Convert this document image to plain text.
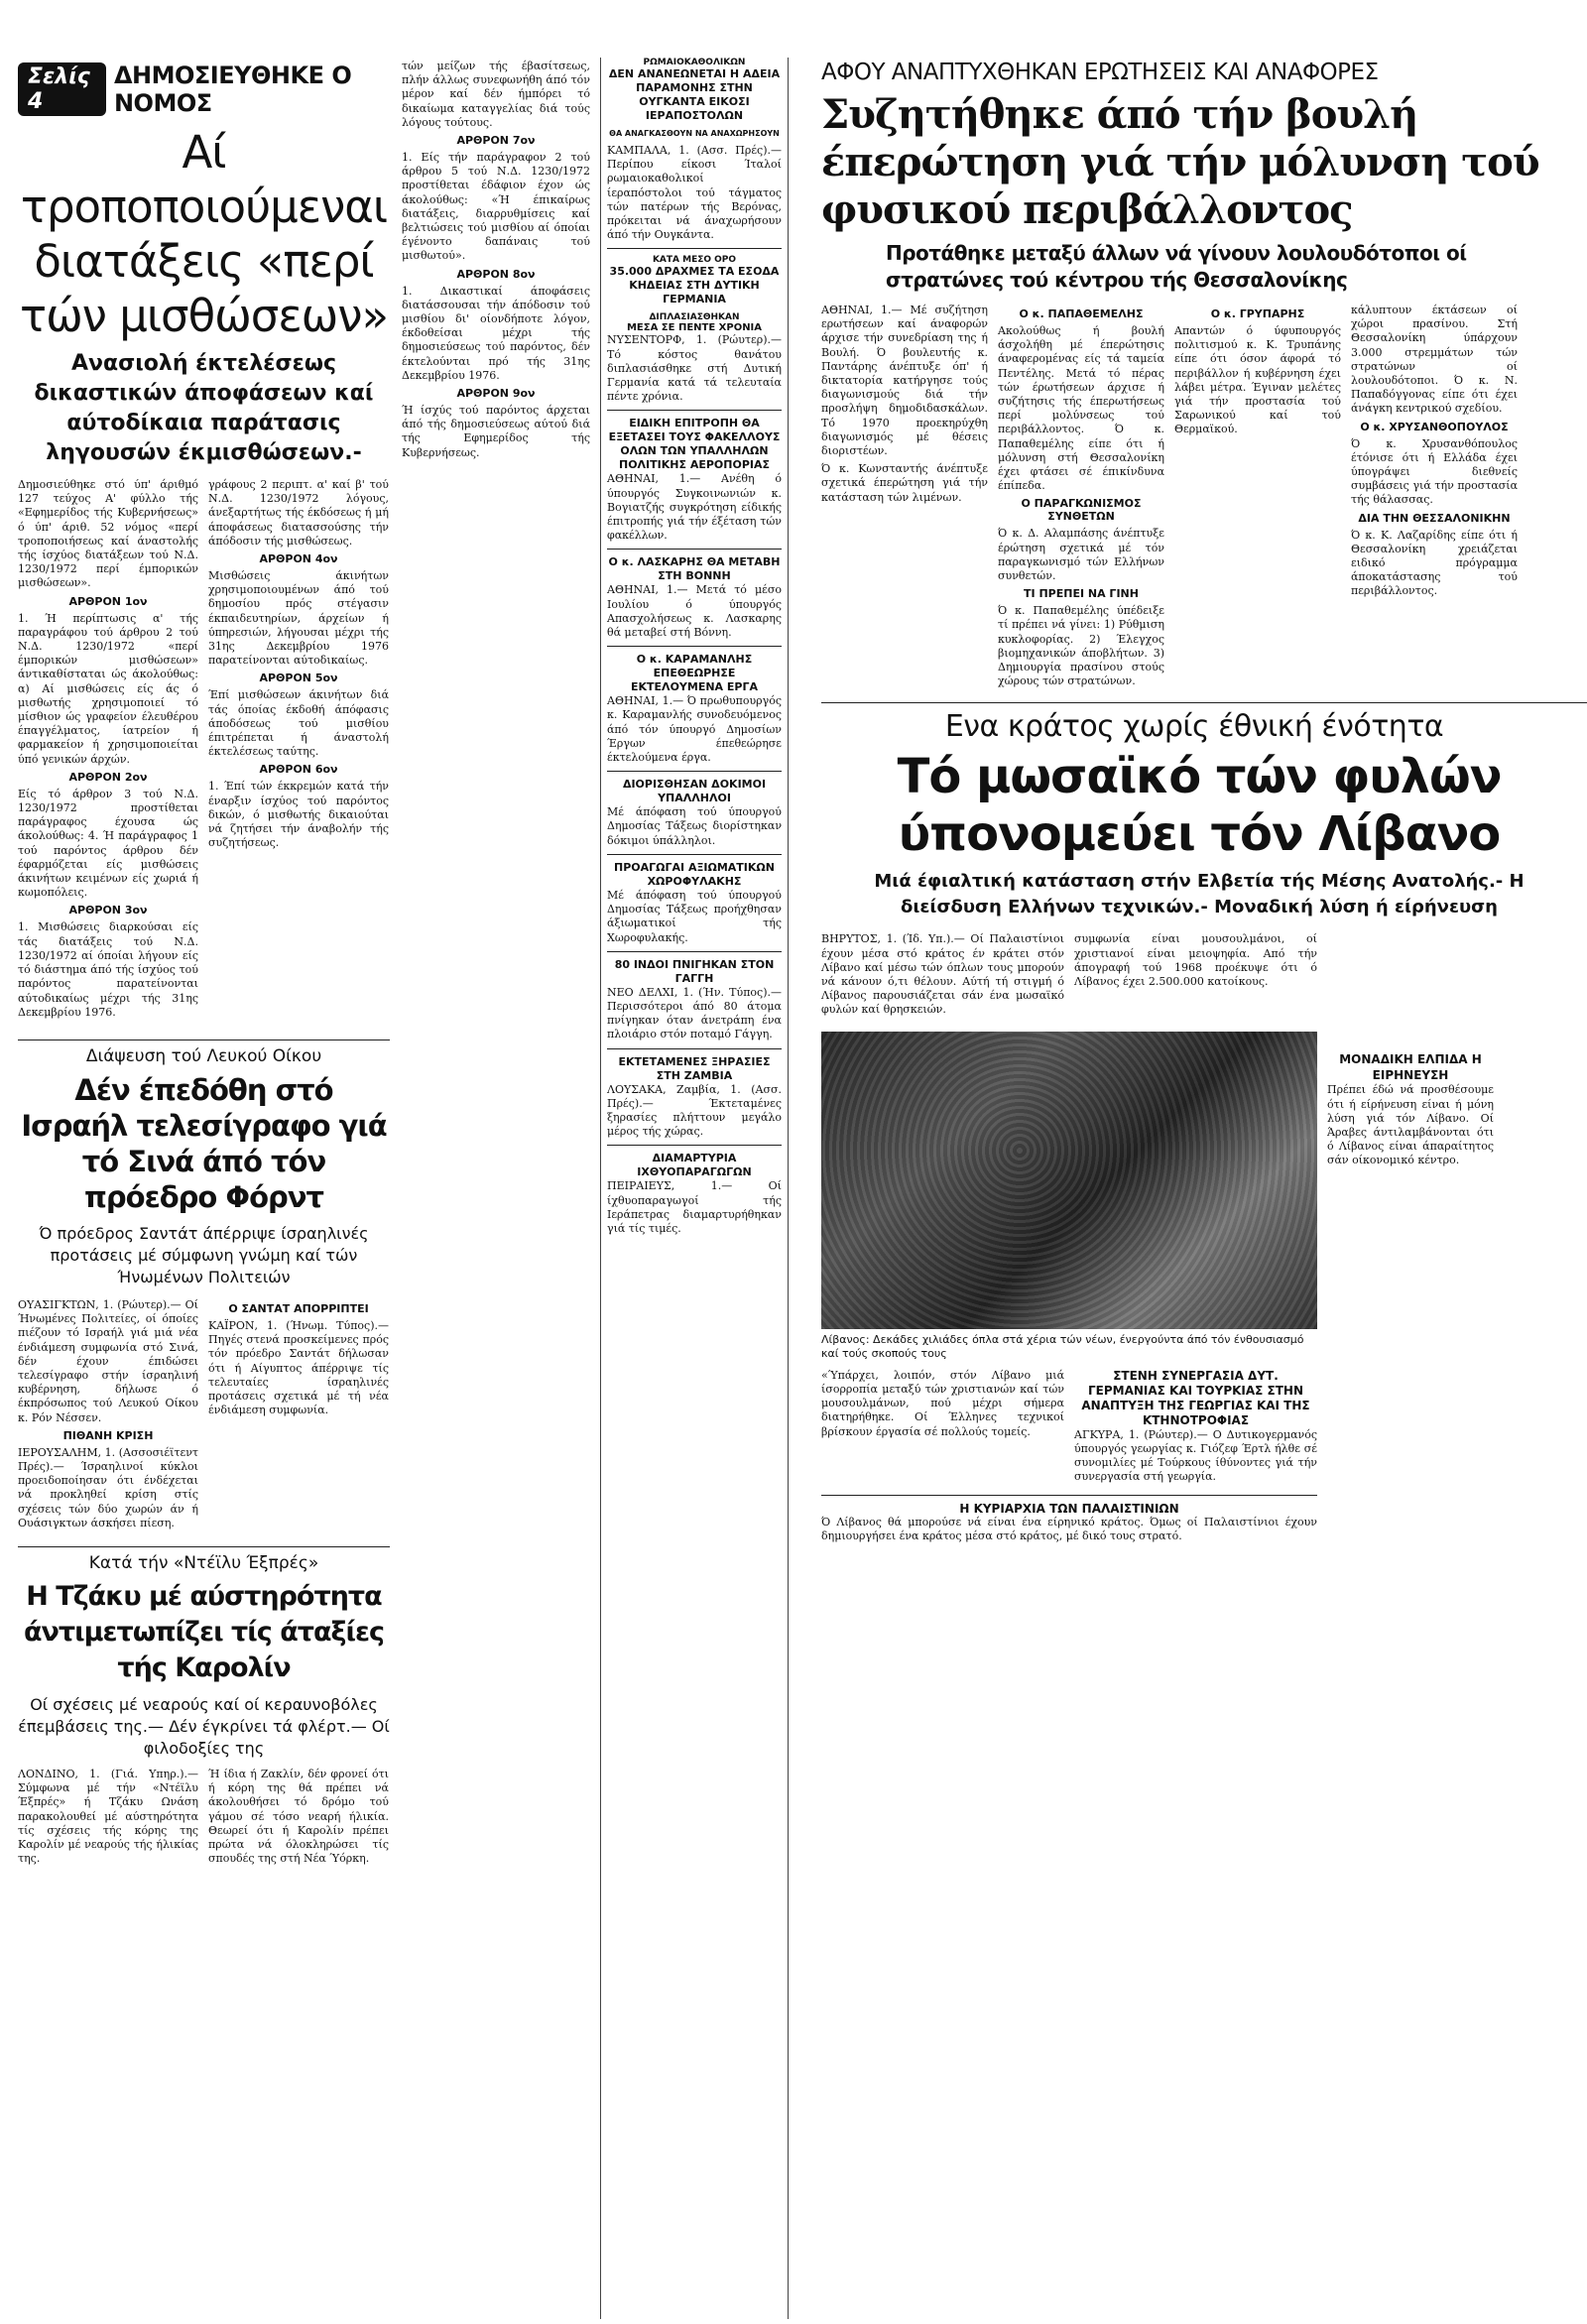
Σελίς 4
ΔΗΜΟΣΙΕΥΘΗΚΕ Ο ΝΟΜΟΣ
Αί τροποποιούμεναι διατάξεις «περί τών μισθώσεων»

Ανασιολή έκτελέσεως δικαστικών άποφάσεων καί αύτοδίκαια παράτασις ληγουσών έκμισθώσεων.-

Δημοσιεύθηκε στό ύπ' άριθμό 127 τεύχος Α' φύλλο τής «Εφημερίδος τής Κυβερνήσεως» ό ύπ' άριθ. 52 νόμος «περί τροποποιήσεως καί άναστολής τής ίσχύος διατάξεων τού Ν.Δ. 1230/1972 περί έμπορικών μισθώσεων».

ΑΡΘΡΟΝ 1ον

1. Ή περίπτωσις α' τής παραγράφου τού άρθρου 2 τού Ν.Δ. 1230/1972 «περί έμπορικών μισθώσεων» άντικαθίσταται ώς άκολούθως: α) Αί μισθώσεις είς άς ό μισθωτής χρησιμοποιεί τό μίσθιον ώς γραφείον έλευθέρου έπαγγέλματος, ίατρείον ή φαρμακείον ή χρησιμοποιείται ύπό γενικών άρχών.

ΑΡΘΡΟΝ 2ον

Είς τό άρθρον 3 τού Ν.Δ. 1230/1972 προστίθεται παράγραφος έχουσα ώς άκολούθως: 4. Ή παράγραφος 1 τού παρόντος άρθρου δέν έφαρμόζεται είς μισθώσεις άκινήτων κειμένων είς χωριά ή κωμοπόλεις.

ΑΡΘΡΟΝ 3ον

1. Μισθώσεις διαρκούσαι είς τάς διατάξεις τού Ν.Δ. 1230/1972 αί όποίαι λήγουν είς τό διάστημα άπό τής ίσχύος τού παρόντος παρατείνονται αύτοδικαίως μέχρι τής 31ης Δεκεμβρίου 1976.

γράφους 2 περιπτ. α' καί β' τού Ν.Δ. 1230/1972 λόγους, άνεξαρτήτως τής έκδόσεως ή μή άποφάσεως διατασσούσης τήν άπόδοσιν τής μισθώσεως.

ΑΡΘΡΟΝ 4ον

Μισθώσεις άκινήτων χρησιμοποιουμένων άπό τού δημοσίου πρός στέγασιν έκπαιδευτηρίων, άρχείων ή ύπηρεσιών, λήγουσαι μέχρι τής 31ης Δεκεμβρίου 1976 παρατείνονται αύτοδικαίως.

ΑΡΘΡΟΝ 5ον

Έπί μισθώσεων άκινήτων διά τάς όποίας έκδοθή άπόφασις άποδόσεως τού μισθίου έπιτρέπεται ή άναστολή έκτελέσεως ταύτης.

ΑΡΘΡΟΝ 6ον

1. Έπί τών έκκρεμών κατά τήν έναρξιν ίσχύος τού παρόντος δικών, ό μισθωτής δικαιούται νά ζητήσει τήν άναβολήν τής συζητήσεως.

Διάψευση τού Λευκού Οίκου

Δέν έπεδόθη στό Ισραήλ τελεσίγραφο γιά τό Σινά άπό τόν πρόεδρο Φόρντ

Ό πρόεδρος Σαντάτ άπέρριψε ίσραηλινές προτάσεις μέ σύμφωνη γνώμη καί τών Ήνωμένων Πολιτειών

ΟΥΑΣΙΓΚΤΩΝ, 1. (Ρώυτερ).— Οί Ήνωμένες Πολιτείες, οί όποίες πιέζουν τό Ισραήλ γιά μιά νέα ένδιάμεση συμφωνία στό Σινά, δέν έχουν έπιδώσει τελεσίγραφο στήν ίσραηλινή κυβέρνηση, δήλωσε ό έκπρόσωπος τού Λευκού Οίκου κ. Ρόν Νέσσεν.

ΠΙΘΑΝΗ ΚΡΙΣΗ

ΙΕΡΟΥΣΑΛΗΜ, 1. (Ασσοσιέϊτεντ Πρές).— Ίσραηλινοί κύκλοι προειδοποίησαν ότι ένδέχεται νά προκληθεί κρίση στίς σχέσεις τών δύο χωρών άν ή Ουάσιγκτων άσκήσει πίεση.

Ο ΣΑΝΤΑΤ ΑΠΟΡΡΙΠΤΕΙ

ΚΑΪΡΟΝ, 1. (Ήνωμ. Τύπος).— Πηγές στενά προσκείμενες πρός τόν πρόεδρο Σαντάτ δήλωσαν ότι ή Αίγυπτος άπέρριψε τίς τελευταίες ίσραηλινές προτάσεις σχετικά μέ τή νέα ένδιάμεση συμφωνία.

Κατά τήν «Ντέϊλυ Έξπρές»

Η Τζάκυ μέ αύστηρότητα άντιμετωπίζει τίς άταξίες τής Καρολίν

Οί σχέσεις μέ νεαρούς καί οί κεραυνοβόλες έπεμβάσεις της.— Δέν έγκρίνει τά φλέρτ.— Οί φιλοδοξίες της

ΛΟΝΔΙΝΟ, 1. (Γιά. Υπηρ.).— Σύμφωνα μέ τήν «Ντέϊλυ Έξπρές» ή Τζάκυ Ωνάση παρακολουθεί μέ αύστηρότητα τίς σχέσεις τής κόρης της Καρολίν μέ νεαρούς τής ήλικίας της.

Ή ίδια ή Ζακλίν, δέν φρονεί ότι ή κόρη της θά πρέπει νά άκολουθήσει τό δρόμο τού γάμου σέ τόσο νεαρή ήλικία. Θεωρεί ότι ή Καρολίν πρέπει πρώτα νά όλοκληρώσει τίς σπουδές της στή Νέα Ύόρκη.

τών μείζων τής έβασίτσεως, πλήν άλλως συνεφωνήθη άπό τόν μέρον καί δέν ήμπόρει τό δικαίωμα καταγγελίας διά τούς λόγους τούτους.

ΑΡΘΡΟΝ 7ον

1. Είς τήν παράγραφον 2 τού άρθρου 5 τού Ν.Δ. 1230/1972 προστίθεται έδάφιον έχον ώς άκολούθως: «Ή έπικαίρως διατάξεις, διαρρυθμίσεις καί βελτιώσεις τού μισθίου αί όποίαι έγένοντο δαπάναις τού μισθωτού».

ΑΡΘΡΟΝ 8ον

1. Δικαστικαί άποφάσεις διατάσσουσαι τήν άπόδοσιν τού μισθίου δι' οίονδήποτε λόγον, έκδοθείσαι μέχρι τής δημοσιεύσεως τού παρόντος, δέν έκτελούνται πρό τής 31ης Δεκεμβρίου 1976.

ΑΡΘΡΟΝ 9ον

Ή ίσχύς τού παρόντος άρχεται άπό τής δημοσιεύσεως αύτού διά τής Εφημερίδος τής Κυβερνήσεως.

ΡΩΜΑΙΟΚΑΘΟΛΙΚΩΝ

ΔΕΝ ΑΝΑΝΕΩΝΕΤΑΙ Η ΑΔΕΙΑ ΠΑΡΑΜΟΝΗΣ ΣΤΗΝ ΟΥΓΚΑΝΤΑ ΕΙΚΟΣΙ ΙΕΡΑΠΟΣΤΟΛΩΝ

ΘΑ ΑΝΑΓΚΑΣΘΟΥΝ ΝΑ ΑΝΑΧΩΡΗΣΟΥΝ

ΚΑΜΠΑΛΑ, 1. (Ασσ. Πρές).— Περίπου είκοσι Ίταλοί ρωμαιοκαθολικοί ίεραπόστολοι τού τάγματος τών πατέρων τής Βερόνας, πρόκειται νά άναχωρήσουν άπό τήν Ουγκάντα.

ΚΑΤΑ ΜΕΣΟ ΟΡΟ

35.000 ΔΡΑΧΜΕΣ ΤΑ ΕΣΟΔΑ ΚΗΔΕΙΑΣ ΣΤΗ ΔΥΤΙΚΗ ΓΕΡΜΑΝΙΑ

ΔΙΠΛΑΣΙΑΣΘΗΚΑΝ

ΜΕΣΑ ΣΕ ΠΕΝΤΕ ΧΡΟΝΙΑ

ΝΥΣΕΝΤΟΡΦ, 1. (Ρώυτερ).— Τό κόστος θανάτου διπλασιάσθηκε στή Δυτική Γερμανία κατά τά τελευταία πέντε χρόνια.

ΕΙΔΙΚΗ ΕΠΙΤΡΟΠΗ ΘΑ ΕΞΕΤΑΣΕΙ ΤΟΥΣ ΦΑΚΕΛΛΟΥΣ ΟΛΩΝ ΤΩΝ ΥΠΑΛΛΗΛΩΝ ΠΟΛΙΤΙΚΗΣ ΑΕΡΟΠΟΡΙΑΣ

ΑΘΗΝΑΙ, 1.— Ανέθη ό ύπουργός Συγκοινωνιών κ. Βογιατζής συγκρότηση είδικής έπιτροπής γιά τήν έξέταση τών φακέλλων.

Ο κ. ΛΑΣΚΑΡΗΣ ΘΑ ΜΕΤΑΒΗ ΣΤΗ ΒΟΝΝΗ

ΑΘΗΝΑΙ, 1.— Μετά τό μέσο Ιουλίου ό ύπουργός Απασχολήσεως κ. Λασκαρης θά μεταβεί στή Βόννη.

Ο κ. ΚΑΡΑΜΑΝΛΗΣ ΕΠΕΘΕΩΡΗΣΕ ΕΚΤΕΛΟΥΜΕΝΑ ΕΡΓΑ

ΑΘΗΝΑΙ, 1.— Ό πρωθυπουργός κ. Καραμανλής συνοδευόμενος άπό τόν ύπουργό Δημοσίων Έργων έπεθεώρησε έκτελούμενα έργα.

ΔΙΟΡΙΣΘΗΣΑΝ ΔΟΚΙΜΟΙ ΥΠΑΛΛΗΛΟΙ

Μέ άπόφαση τού ύπουργού Δημοσίας Τάξεως διορίστηκαν δόκιμοι ύπάλληλοι.

ΠΡΟΑΓΩΓΑΙ ΑΞΙΩΜΑΤΙΚΩΝ ΧΩΡΟΦΥΛΑΚΗΣ

Μέ άπόφαση τού ύπουργού Δημοσίας Τάξεως προήχθησαν άξιωματικοί τής Χωροφυλακής.

80 ΙΝΔΟΙ ΠΝΙΓΗΚΑΝ ΣΤΟΝ ΓΑΓΓΗ

ΝΕΟ ΔΕΛΧΙ, 1. (Ήν. Τύπος).— Περισσότεροι άπό 80 άτομα πνίγηκαν όταν άνετράπη ένα πλοιάριο στόν ποταμό Γάγγη.

ΕΚΤΕΤΑΜΕΝΕΣ ΞΗΡΑΣΙΕΣ ΣΤΗ ΖΑΜΒΙΑ

ΛΟΥΣΑΚΑ, Ζαμβία, 1. (Ασσ. Πρές).— Έκτεταμένες ξηρασίες πλήττουν μεγάλο μέρος τής χώρας.

ΔΙΑΜΑΡΤΥΡΙΑ ΙΧΘΥΟΠΑΡΑΓΩΓΩΝ

ΠΕΙΡΑΙΕΥΣ, 1.— Οί ίχθυοπαραγωγοί τής Ιεράπετρας διαμαρτυρήθηκαν γιά τίς τιμές.

ΑΦΟΥ ΑΝΑΠΤΥΧΘΗΚΑΝ ΕΡΩΤΗΣΕΙΣ ΚΑΙ ΑΝΑΦΟΡΕΣ

Συζητήθηκε άπό τήν βουλή έπερώτηση γιά τήν μόλυνση τού φυσικού περιβάλλοντος

Προτάθηκε μεταξύ άλλων νά γίνουν λουλουδότοποι οί στρατώνες τού κέντρου τής Θεσσαλονίκης

ΑΘΗΝΑΙ, 1.— Μέ συζήτηση ερωτήσεων καί άναφορών άρχισε τήν συνεδρίαση της ή Βουλή. Ό βουλευτής κ. Παντάρης άνέπτυξε όπ' ή δικτατορία κατήργησε τούς διαγωνισμούς διά τήν προσλήψη δημοδιδασκάλων. Τό 1970 προεκηρύχθη διαγωνισμός μέ θέσεις διοριστέων.

Ό κ. Κωνσταντής άνέπτυξε σχετικά έπερώτηση γιά τήν κατάσταση τών λιμένων.

Ο κ. ΠΑΠΑΘΕΜΕΛΗΣ

Ακολούθως ή βουλή άσχολήθη μέ έπερώτησις άναφερομένας είς τά ταμεία Πεντέλης. Μετά τό πέρας τών έρωτήσεων άρχισε ή συζήτησις τής έπερωτήσεως περί μολύνσεως τού περιβάλλοντος. Ό κ. Παπαθεμέλης είπε ότι ή μόλυνση στή Θεσσαλονίκη έχει φτάσει σέ έπικίνδυνα έπίπεδα.

Ο ΠΑΡΑΓΚΩΝΙΣΜΟΣ ΣΥΝΘΕΤΩΝ

Ό κ. Δ. Αλαμπάσης άνέπτυξε έρώτηση σχετικά μέ τόν παραγκωνισμό τών Ελλήνων συνθετών.

ΤΙ ΠΡΕΠΕΙ ΝΑ ΓΙΝΗ

Ό κ. Παπαθεμέλης ύπέδειξε τί πρέπει νά γίνει: 1) Ρύθμιση κυκλοφορίας. 2) Έλεγχος βιομηχανικών άποβλήτων. 3) Δημιουργία πρασίνου στούς χώρους τών στρατώνων.

Ο κ. ΓΡΥΠΑΡΗΣ

Απαντών ό ύφυπουργός πολιτισμού κ. Κ. Τρυπάνης είπε ότι όσον άφορά τό περιβάλλον ή κυβέρνηση έχει λάβει μέτρα. Έγιναν μελέτες γιά τήν προστασία τού Σαρωνικού καί τού Θερμαϊκού.

κάλυπτουν έκτάσεων οί χώροι πρασίνου. Στή Θεσσαλονίκη ύπάρχουν 3.000 στρεμμάτων τών στρατώνων οί λουλουδότοποι. Ό κ. Ν. Παπαδόγγονας είπε ότι έχει άνάγκη κεντρικού σχεδίου.

Ο κ. ΧΡΥΣΑΝΘΟΠΟΥΛΟΣ

Ό κ. Χρυσανθόπουλος έτόνισε ότι ή Ελλάδα έχει ύπογράψει διεθνείς συμβάσεις γιά τήν προστασία τής θάλασσας.

ΔΙΑ ΤΗΝ ΘΕΣΣΑΛΟΝΙΚΗΝ

Ό κ. Κ. Λαζαρίδης είπε ότι ή Θεσσαλονίκη χρειάζεται ειδικό πρόγραμμα άποκατάστασης τού περιβάλλοντος.

Ενα κράτος χωρίς έθνική ένότητα

Τό μωσαϊκό τών φυλών ύπονομεύει τόν Λίβανο

Μιά έφιαλτική κατάσταση στήν Ελβετία τής Μέσης Ανατολής.- Η διείσδυση Ελλήνων τεχνικών.- Μοναδική λύση ή είρήνευση

ΒΗΡΥΤΟΣ, 1. (Ίδ. Υπ.).— Οί Παλαιστίνιοι έχουν μέσα στό κράτος έν κράτει στόν Λίβανο καί μέσω τών όπλων τους μπορούν νά κάνουν ό,τι θέλουν. Αύτή τή στιγμή ό Λίβανος παρουσιάζεται σάν ένα μωσαϊκό φυλών καί θρησκειών.

συμφωνία είναι μουσουλμάνοι, οί χριστιανοί είναι μειοψηφία. Από τήν άπογραφή τού 1968 προέκυψε ότι ό Λίβανος έχει 2.500.000 κατοίκους.

Λίβανος: Δεκάδες χιλιάδες όπλα στά χέρια τών νέων, ένεργούντα άπό τόν ένθουσιασμό καί τούς σκοπούς τους

«Ύπάρχει, λοιπόν, στόν Λίβανο μιά ίσορροπία μεταξύ τών χριστιανών καί τών μουσουλμάνων, πού μέχρι σήμερα διατηρήθηκε. Οί Έλληνες τεχνικοί βρίσκουν έργασία σέ πολλούς τομείς.

ΣΤΕΝΗ ΣΥΝΕΡΓΑΣΙΑ ΔΥΤ. ΓΕΡΜΑΝΙΑΣ ΚΑΙ ΤΟΥΡΚΙΑΣ ΣΤΗΝ ΑΝΑΠΤΥΞΗ ΤΗΣ ΓΕΩΡΓΙΑΣ ΚΑΙ ΤΗΣ ΚΤΗΝΟΤΡΟΦΙΑΣ

ΑΓΚΥΡΑ, 1. (Ρώυτερ).— Ο Δυτικογερμανός ύπουργός γεωργίας κ. Γιόζεφ Έρτλ ήλθε σέ συνομιλίες μέ Τούρκους ίθύνοντες γιά τήν συνεργασία στή γεωργία.

Η ΚΥΡΙΑΡΧΙΑ ΤΩΝ ΠΑΛΑΙΣΤΙΝΙΩΝ

Ό Λίβανος θά μπορούσε νά είναι ένα είρηνικό κράτος. Όμως οί Παλαιστίνιοι έχουν δημιουργήσει ένα κράτος μέσα στό κράτος, μέ δικό τους στρατό.

ΜΟΝΑΔΙΚΗ ΕΛΠΙΔΑ Η ΕΙΡΗΝΕΥΣΗ

Πρέπει έδώ νά προσθέσουμε ότι ή είρήνευση είναι ή μόνη λύση γιά τόν Λίβανο. Οί Άραβες άντιλαμβάνονται ότι ό Λίβανος είναι άπαραίτητος σάν οίκονομικό κέντρο.
